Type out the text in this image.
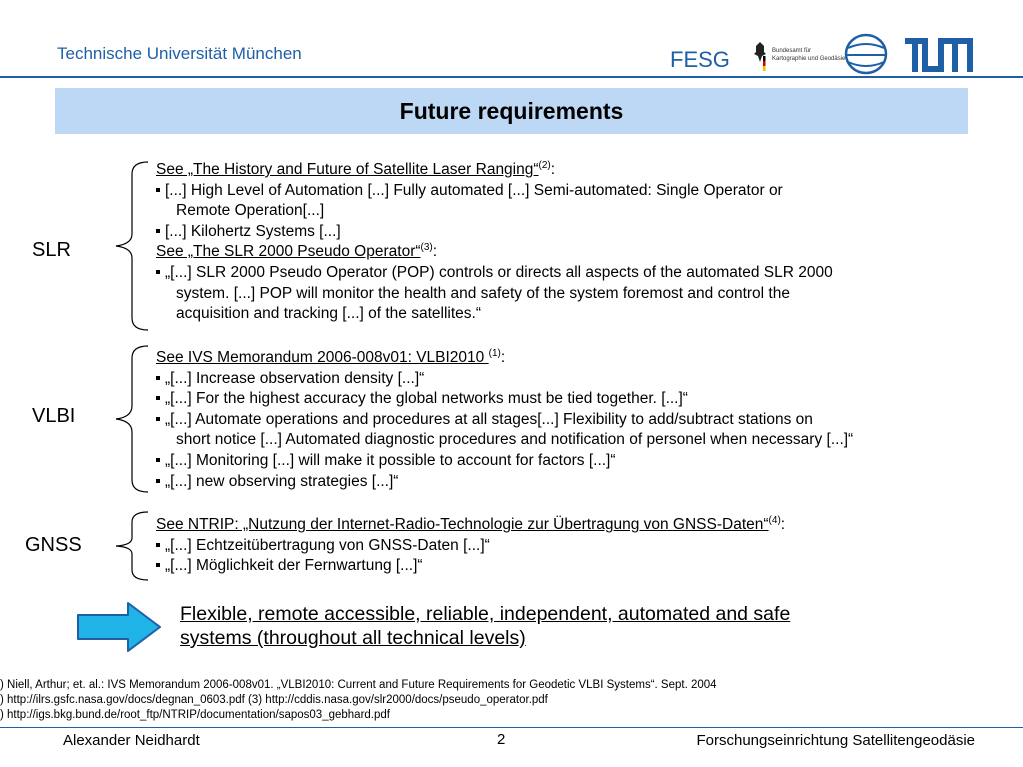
Technische Universität München	FESG	Bundesamt für
Kartographie und Geodäsie
Future requirements
SLR
See „The History and Future of Satellite Laser Ranging“$^{(2)}$:
[...] High Level of Automation [...] Fully automated [...] Semi-automated: Single Operator or
Remote Operation[...]
[...] Kilohertz Systems [...]
See „The SLR 2000 Pseudo Operator“$^{(3)}$:
„[...] SLR 2000 Pseudo Operator (POP) controls or directs all aspects of the automated SLR 2000
system. [...] POP will monitor the health and safety of the system foremost and control the
acquisition and tracking [...] of the satellites.“
VLBI
See IVS Memorandum 2006-008v01: VLBI2010 $^{(1)}$:
„[...] Increase observation density [...]“
„[...] For the highest accuracy the global networks must be tied together. [...]“
„[...] Automate operations and procedures at all stages[...] Flexibility to add/subtract stations on
short notice [...] Automated diagnostic procedures and notification of personel when necessary [...]“
„[...] Monitoring [...] will make it possible to account for factors [...]“
„[...] new observing strategies [...]“
GNSS
See NTRIP: „Nutzung der Internet-Radio-Technologie zur Übertragung von GNSS-Daten“$^{(4)}$:
„[...] Echtzeitübertragung von GNSS-Daten [...]“
„[...] Möglichkeit der Fernwartung [...]“
Flexible, remote accessible, reliable, independent, automated and safe
systems (throughout all technical levels)
) Niell, Arthur; et. al.: IVS Memorandum 2006-008v01. „VLBI2010: Current and Future Requirements for Geodetic VLBI Systems“. Sept. 2004
) http://ilrs.gsfc.nasa.gov/docs/degnan_0603.pdf (3) http://cddis.nasa.gov/slr2000/docs/pseudo_operator.pdf
) http://igs.bkg.bund.de/root_ftp/NTRIP/documentation/sapos03_gebhard.pdf
Alexander Neidhardt	2	Forschungseinrichtung Satellitengeodäsie
